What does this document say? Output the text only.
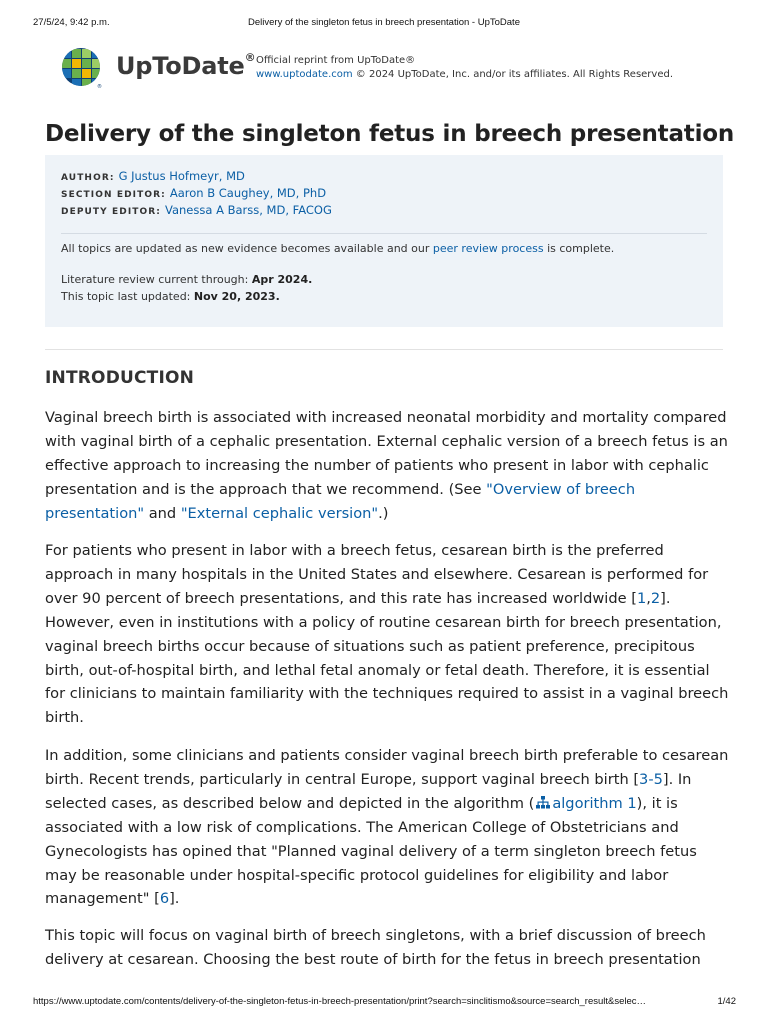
27/5/24, 9:42 p.m.	Delivery of the singleton fetus in breech presentation - UpToDate
®
UpToDate® Official reprint from UpToDate®
www.uptodate.com © 2024 UpToDate, Inc. and/or its affiliates. All Rights Reserved.
Delivery of the singleton fetus in breech presentation
AUTHOR: G Justus Hofmeyr, MD
SECTION EDITOR: Aaron B Caughey, MD, PhD
DEPUTY EDITOR: Vanessa A Barss, MD, FACOG
All topics are updated as new evidence becomes available and our peer review process is complete.
Literature review current through: Apr 2024.
This topic last updated: Nov 20, 2023.
INTRODUCTION
Vaginal breech birth is associated with increased neonatal morbidity and mortality compared
with vaginal birth of a cephalic presentation. External cephalic version of a breech fetus is an
effective approach to increasing the number of patients who present in labor with cephalic
presentation and is the approach that we recommend. (See "Overview of breech
presentation" and "External cephalic version".)
For patients who present in labor with a breech fetus, cesarean birth is the preferred
approach in many hospitals in the United States and elsewhere. Cesarean is performed for
over 90 percent of breech presentations, and this rate has increased worldwide [1,2].
However, even in institutions with a policy of routine cesarean birth for breech presentation,
vaginal breech births occur because of situations such as patient preference, precipitous
birth, out-of-hospital birth, and lethal fetal anomaly or fetal death. Therefore, it is essential
for clinicians to maintain familiarity with the techniques required to assist in a vaginal breech
birth.
In addition, some clinicians and patients consider vaginal breech birth preferable to cesarean
birth. Recent trends, particularly in central Europe, support vaginal breech birth [3-5]. In
selected cases, as described below and depicted in the algorithm ( algorithm 1), it is
associated with a low risk of complications. The American College of Obstetricians and
Gynecologists has opined that "Planned vaginal delivery of a term singleton breech fetus
may be reasonable under hospital-specific protocol guidelines for eligibility and labor
management" [6].
This topic will focus on vaginal birth of breech singletons, with a brief discussion of breech
delivery at cesarean. Choosing the best route of birth for the fetus in breech presentation
https://www.uptodate.com/contents/delivery-of-the-singleton-fetus-in-breech-presentation/print?search=sinclitismo&source=search_result&selec…	1/42
